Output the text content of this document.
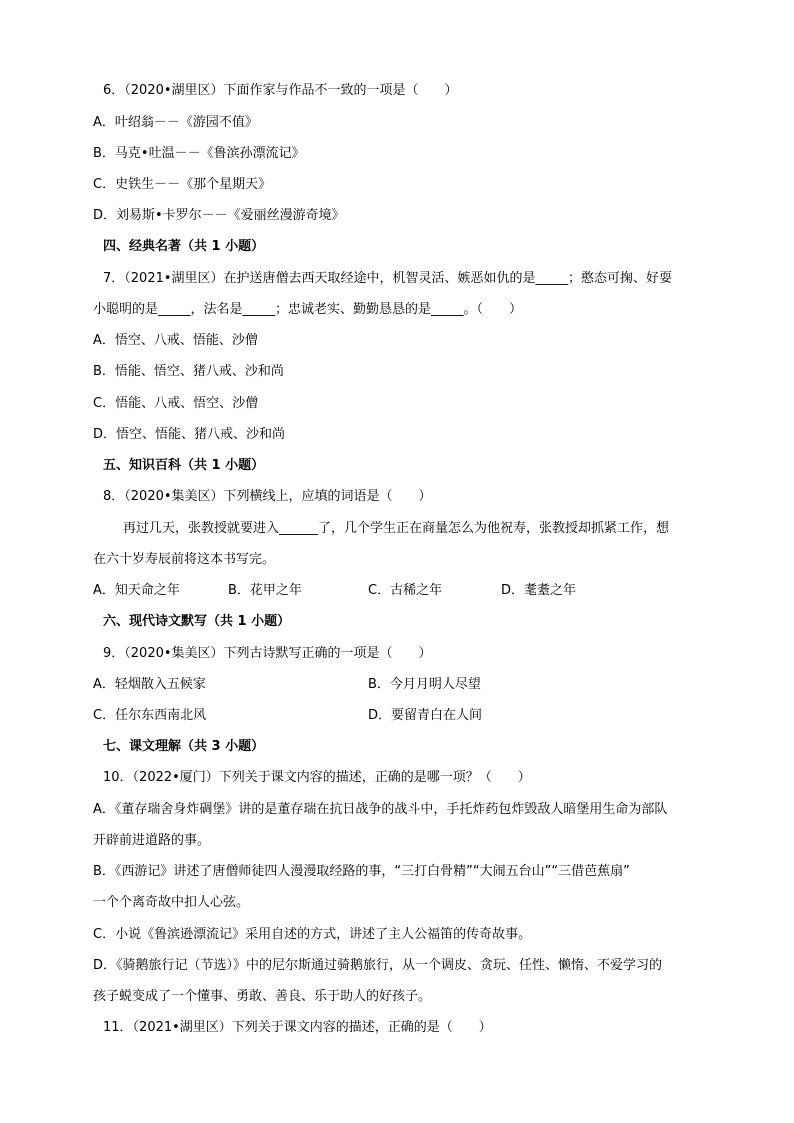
6．（2020•湖里区）下面作家与作品不一致的一项是（　　）
A．叶绍翁－－《游园不值》
B．马克•吐温－－《鲁滨孙漂流记》
C．史铁生－－《那个星期天》
D．刘易斯•卡罗尔－－《爱丽丝漫游奇境》
四、经典名著（共 1 小题）
7．（2021•湖里区）在护送唐僧去西天取经途中，机智灵活、嫉恶如仇的是_____；憨态可掬、好耍
小聪明的是_____，法名是_____；忠诚老实、勤勤恳恳的是_____。（　　）
A．悟空、八戒、悟能、沙僧
B．悟能、悟空、猪八戒、沙和尚
C．悟能、八戒、悟空、沙僧
D．悟空、悟能、猪八戒、沙和尚
五、知识百科（共 1 小题）
8．（2020•集美区）下列横线上，应填的词语是（　　）
再过几天，张教授就要进入______了，几个学生正在商量怎么为他祝寿，张教授却抓紧工作，想
在六十岁寿辰前将这本书写完。
A．知天命之年	B．花甲之年	C．古稀之年	D．耄耋之年
六、现代诗文默写（共 1 小题）
9．（2020•集美区）下列古诗默写正确的一项是（　　）
A．轻烟散入五候家	B．今月月明人尽望
C．任尔东西南北风	D．要留青白在人间
七、课文理解（共 3 小题）
10．（2022•厦门）下列关于课文内容的描述，正确的是哪一项？（　　）
A．《董存瑞舍身炸碉堡》讲的是董存瑞在抗日战争的战斗中，手托炸药包炸毁敌人暗堡用生命为部队
开辟前进道路的事。
B．《西游记》讲述了唐僧师徒四人漫漫取经路的事，“三打白骨精”“大闹五台山”“三借芭蕉扇”
一个个离奇故中扣人心弦。
C．小说《鲁滨逊漂流记》采用自述的方式，讲述了主人公福笛的传奇故事。
D．《骑鹅旅行记（节选）》中的尼尔斯通过骑鹅旅行，从一个调皮、贪玩、任性、懒惰、不爱学习的
孩子蜕变成了一个懂事、勇敢、善良、乐于助人的好孩子。
11．（2021•湖里区）下列关于课文内容的描述，正确的是（　　）
